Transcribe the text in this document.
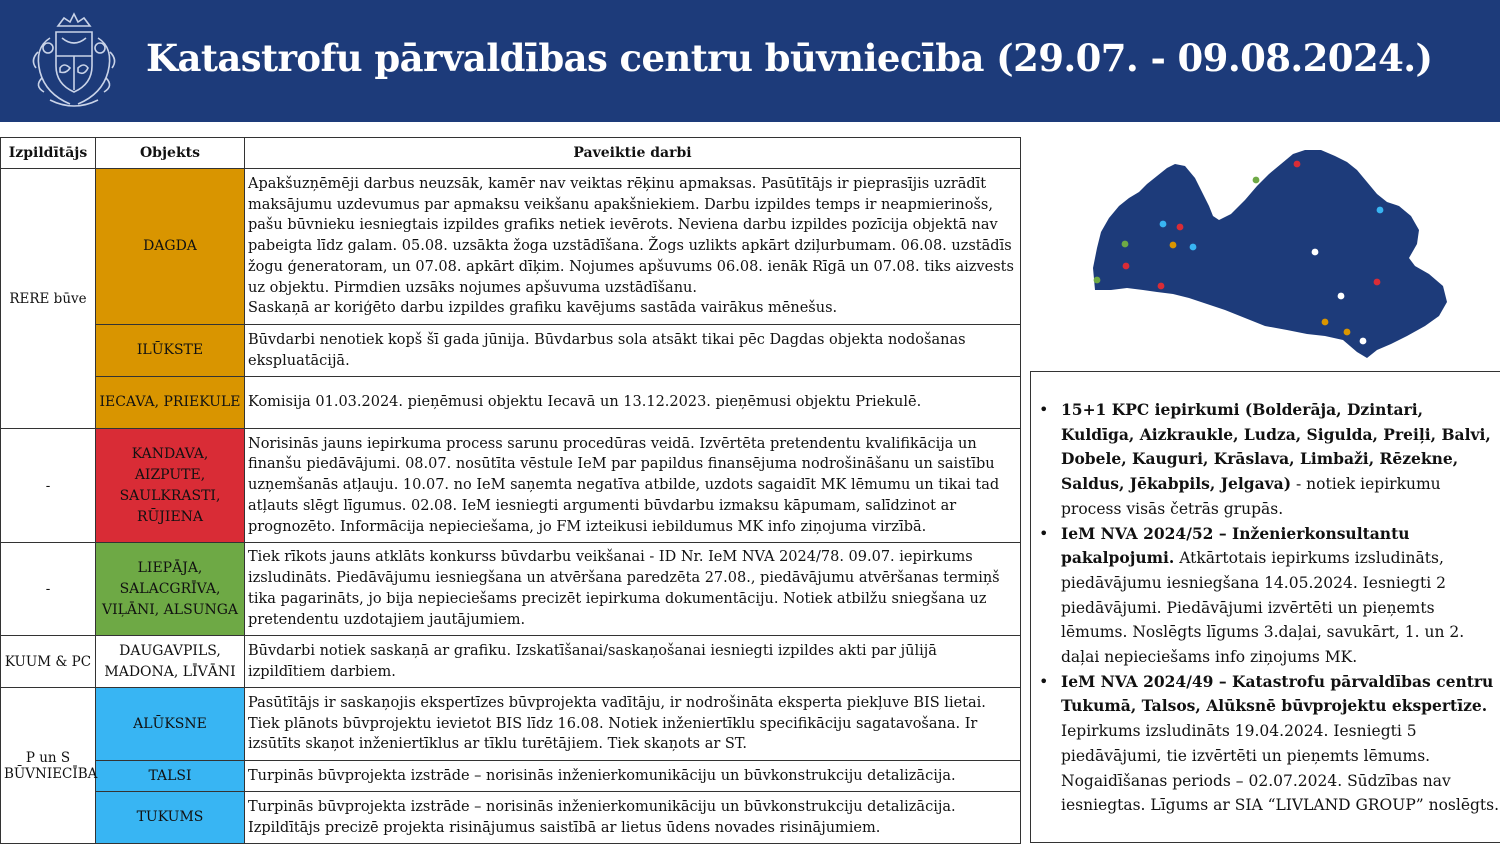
Katastrofu pārvaldības centru būvniecība (29.07. - 09.08.2024.)
Izpildītājs	Objekts	Paveiktie darbi
RERE būve	DAGDA	Apakšuzņēmēji darbus neuzsāk, kamēr nav veiktas rēķinu apmaksas. Pasūtītājs ir pieprasījis uzrādīt maksājumu uzdevumus par apmaksu veikšanu apakšniekiem. Darbu izpildes temps ir neapmierinošs, pašu būvnieku iesniegtais izpildes grafiks netiek ievērots. Neviena darbu izpildes pozīcija objektā nav pabeigta līdz galam. 05.08. uzsākta žoga uzstādīšana. Žogs uzlikts apkārt dziļurbumam. 06.08. uzstādīs žogu ģeneratoram, un 07.08. apkārt dīķim. Nojumes apšuvums 06.08. ienāk Rīgā un 07.08. tiks aizvests uz objektu. Pirmdien uzsāks nojumes apšuvuma uzstādīšanu.
Saskaņā ar koriģēto darbu izpildes grafiku kavējums sastāda vairākus mēnešus.
	ILŪKSTE	Būvdarbi nenotiek kopš šī gada jūnija. Būvdarbus sola atsākt tikai pēc Dagdas objekta nodošanas ekspluatācijā.
	IECAVA, PRIEKULE	Komisija 01.03.2024. pieņēmusi objektu Iecavā un 13.12.2023. pieņēmusi objektu Priekulē.
-	KANDAVA, AIZPUTE, SAULKRASTI, RŪJIENA	Norisinās jauns iepirkuma process sarunu procedūras veidā. Izvērtēta pretendentu kvalifikācija un finanšu piedāvājumi. 08.07. nosūtīta vēstule IeM par papildus finansējuma nodrošināšanu un saistību uzņemšanās atļauju. 10.07. no IeM saņemta negatīva atbilde, uzdots sagaidīt MK lēmumu un tikai tad atļauts slēgt līgumus. 02.08. IeM iesniegti argumenti būvdarbu izmaksu kāpumam, salīdzinot ar prognozēto. Informācija nepieciešama, jo FM izteikusi iebildumus MK info ziņojuma virzībā.
-	LIEPĀJA, SALACGRĪVA, VIĻĀNI, ALSUNGA	Tiek rīkots jauns atklāts konkurss būvdarbu veikšanai - ID Nr. IeM NVA 2024/78. 09.07. iepirkums izsludināts. Piedāvājumu iesniegšana un atvēršana paredzēta 27.08., piedāvājumu atvēršanas termiņš tika pagarināts, jo bija nepieciešams precizēt iepirkuma dokumentāciju. Notiek atbilžu sniegšana uz pretendentu uzdotajiem jautājumiem.
KUUM & PC	DAUGAVPILS, MADONA, LĪVĀNI	Būvdarbi notiek saskaņā ar grafiku. Izskatīšanai/saskaņošanai iesniegti izpildes akti par jūlijā izpildītiem darbiem.
P un S BŪVNIECĪBA	ALŪKSNE	Pasūtītājs ir saskaņojis ekspertīzes būvprojekta vadītāju, ir nodrošināta eksperta piekļuve BIS lietai. Tiek plānots būvprojektu ievietot BIS līdz 16.08. Notiek inženiertīklu specifikāciju sagatavošana. Ir izsūtīts skaņot inženiertīklus ar tīklu turētājiem. Tiek skaņots ar ST.
	TALSI	Turpinās būvprojekta izstrāde – norisinās inženierkomunikāciju un būvkonstrukciju detalizācija.
	TUKUMS	Turpinās būvprojekta izstrāde – norisinās inženierkomunikāciju un būvkonstrukciju detalizācija. Izpildītājs precizē projekta risinājumus saistībā ar lietus ūdens novades risinājumiem.
• 15+1 KPC iepirkumi (Bolderāja, Dzintari, Kuldīga, Aizkraukle, Ludza, Sigulda, Preiļi, Balvi, Dobele, Kauguri, Krāslava, Limbaži, Rēzekne, Saldus, Jēkabpils, Jelgava) - notiek iepirkumu process visās četrās grupās.
• IeM NVA 2024/52 – Inženierkonsultantu pakalpojumi. Atkārtotais iepirkums izsludināts, piedāvājumu iesniegšana 14.05.2024. Iesniegti 2 piedāvājumi. Piedāvājumi izvērtēti un pieņemts lēmums. Noslēgts līgums 3.daļai, savukārt, 1. un 2. daļai nepieciešams info ziņojums MK.
• IeM NVA 2024/49 – Katastrofu pārvaldības centru Tukumā, Talsos, Alūksnē būvprojektu ekspertīze. Iepirkums izsludināts 19.04.2024. Iesniegti 5 piedāvājumi, tie izvērtēti un pieņemts lēmums. Nogaidīšanas periods – 02.07.2024. Sūdzības nav iesniegtas. Līgums ar SIA “LIVLAND GROUP” noslēgts.
